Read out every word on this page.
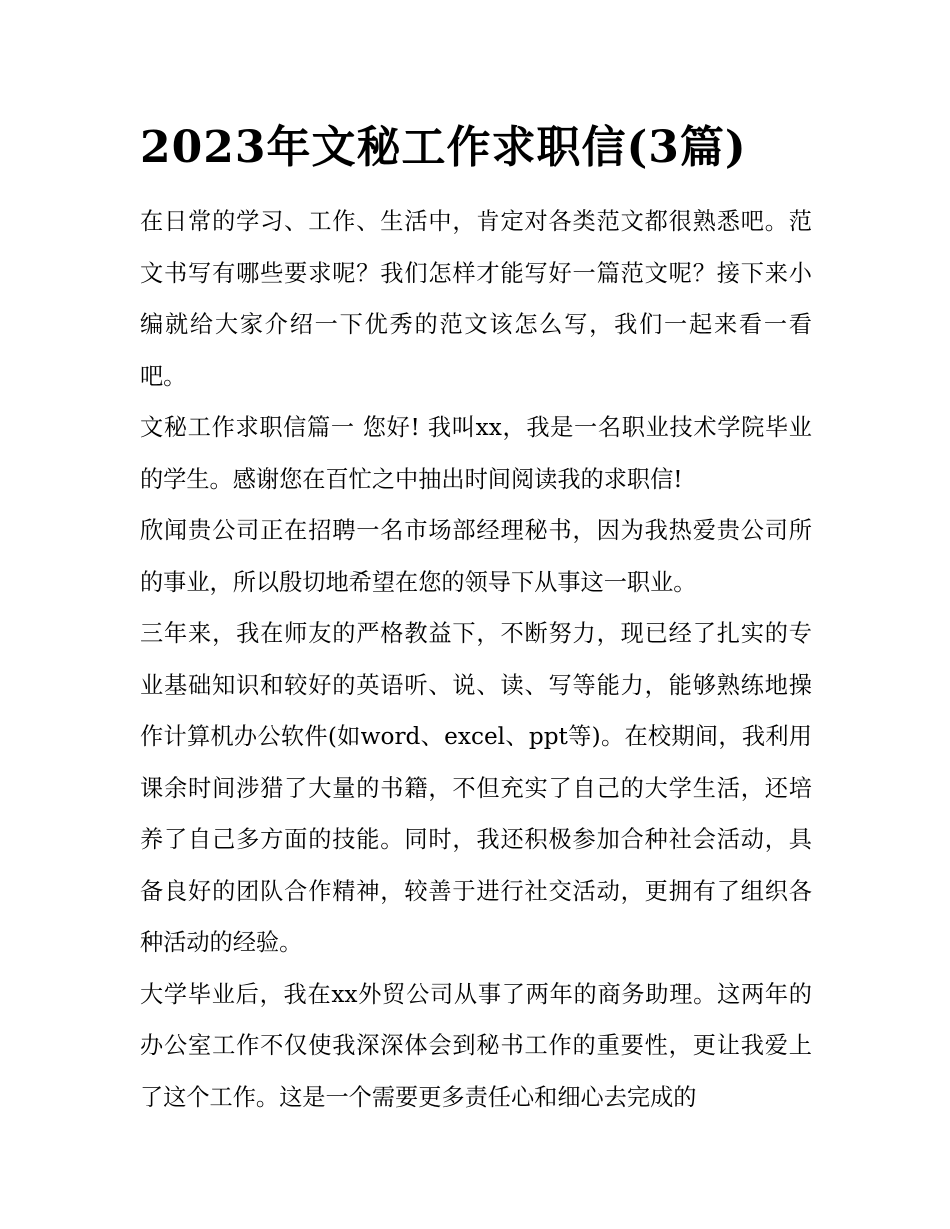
2023年文秘工作求职信(3篇)

在日常的学习、工作、生活中，肯定对各类范文都很熟悉吧。范文书写有哪些要求呢？我们怎样才能写好一篇范文呢？接下来小编就给大家介绍一下优秀的范文该怎么写，我们一起来看一看吧。

文秘工作求职信篇一 您好! 我叫xx，我是一名职业技术学院毕业的学生。感谢您在百忙之中抽出时间阅读我的求职信!

欣闻贵公司正在招聘一名市场部经理秘书，因为我热爱贵公司所的事业，所以殷切地希望在您的领导下从事这一职业。

三年来，我在师友的严格教益下，不断努力，现已经了扎实的专业基础知识和较好的英语听、说、读、写等能力，能够熟练地操作计算机办公软件(如word、excel、ppt等)。在校期间，我利用课余时间涉猎了大量的书籍，不但充实了自己的大学生活，还培养了自己多方面的技能。同时，我还积极参加合种社会活动，具备良好的团队合作精神，较善于进行社交活动，更拥有了组织各种活动的经验。

大学毕业后，我在xx外贸公司从事了两年的商务助理。这两年的办公室工作不仅使我深深体会到秘书工作的重要性，更让我爱上了这个工作。这是一个需要更多责任心和细心去完成的
